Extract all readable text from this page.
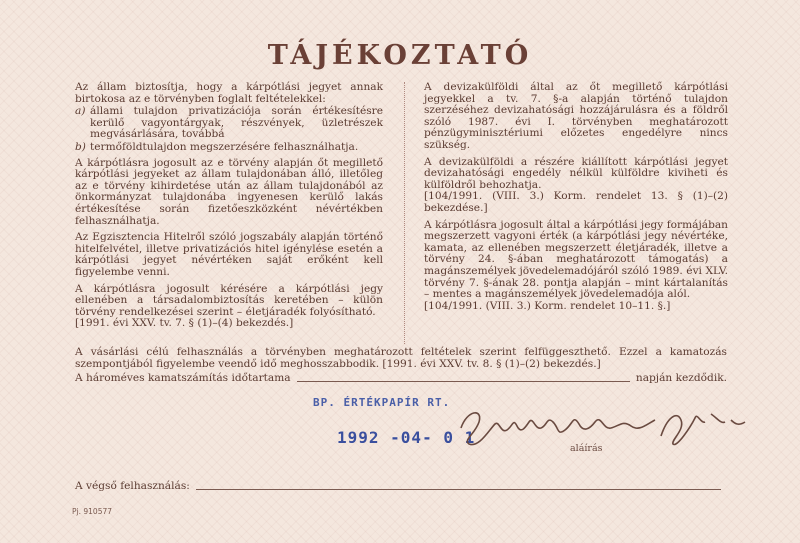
TÁJÉKOZTATÓ

Az állam biztosítja, hogy a kárpótlási jegyet annak birtokosa az e törvényben foglalt feltételekkel:

a) állami tulajdon privatizációja során értékesítésre kerülő vagyontárgyak, részvények, üzletrészek megvásárlására, továbbá
b) termőföldtulajdon megszerzésére felhasználhatja.

A kárpótlásra jogosult az e törvény alapján őt megillető kárpótlási jegyeket az állam tulajdonában álló, illetőleg az e törvény kihirdetése után az állam tulajdonából az önkormányzat tulajdonába ingyenesen kerülő lakás értékesítése során fizetőeszközként névértékben felhasználhatja.

Az Egzisztencia Hitelről szóló jogszabály alapján történő hitelfelvétel, illetve privatizációs hitel igénylése esetén a kárpótlási jegyet névértéken saját erőként kell figyelembe venni.

A kárpótlásra jogosult kérésére a kárpótlási jegy ellenében a társadalombiztosítás keretében – külön törvény rendelkezései szerint – életjáradék folyósítható.

[1991. évi XXV. tv. 7. § (1)–(4) bekezdés.]

A devizakülföldi által az őt megillető kárpótlási jegyekkel a tv. 7. §-a alapján történő tulajdon szerzéséhez devizahatósági hozzájárulásra és a földről szóló 1987. évi I. törvényben meghatározott pénzügyminisztériumi előzetes engedélyre nincs szükség.

A devizakülföldi a részére kiállított kárpótlási jegyet devizahatósági engedély nélkül külföldre kiviheti és külföldről behozhatja.

[104/1991. (VIII. 3.) Korm. rendelet 13. § (1)–(2) bekezdése.]

A kárpótlásra jogosult által a kárpótlási jegy formájában megszerzett vagyoni érték (a kárpótlási jegy névértéke, kamata, az ellenében megszerzett életjáradék, illetve a törvény 24. §-ában meghatározott támogatás) a magánszemélyek jövedelemadójáról szóló 1989. évi XLV. törvény 7. §-ának 28. pontja alapján – mint kártalanítás – mentes a magánszemélyek jövedelemadója alól.

[104/1991. (VIII. 3.) Korm. rendelet 10–11. §.]

A vásárlási célú felhasználás a törvényben meghatározott feltételek szerint felfüggeszthető. Ezzel a kamatozás szempontjából figyelembe veendő idő meghosszabbodik. [1991. évi XXV. tv. 8. § (1)–(2) bekezdés.]
A hároméves kamatszámítás időtartama	napján kezdődik.
BP. ÉRTÉKPAPÍR RT.
1992 -04- 0 1
aláírás
A végső felhasználás:
Pj. 910577
